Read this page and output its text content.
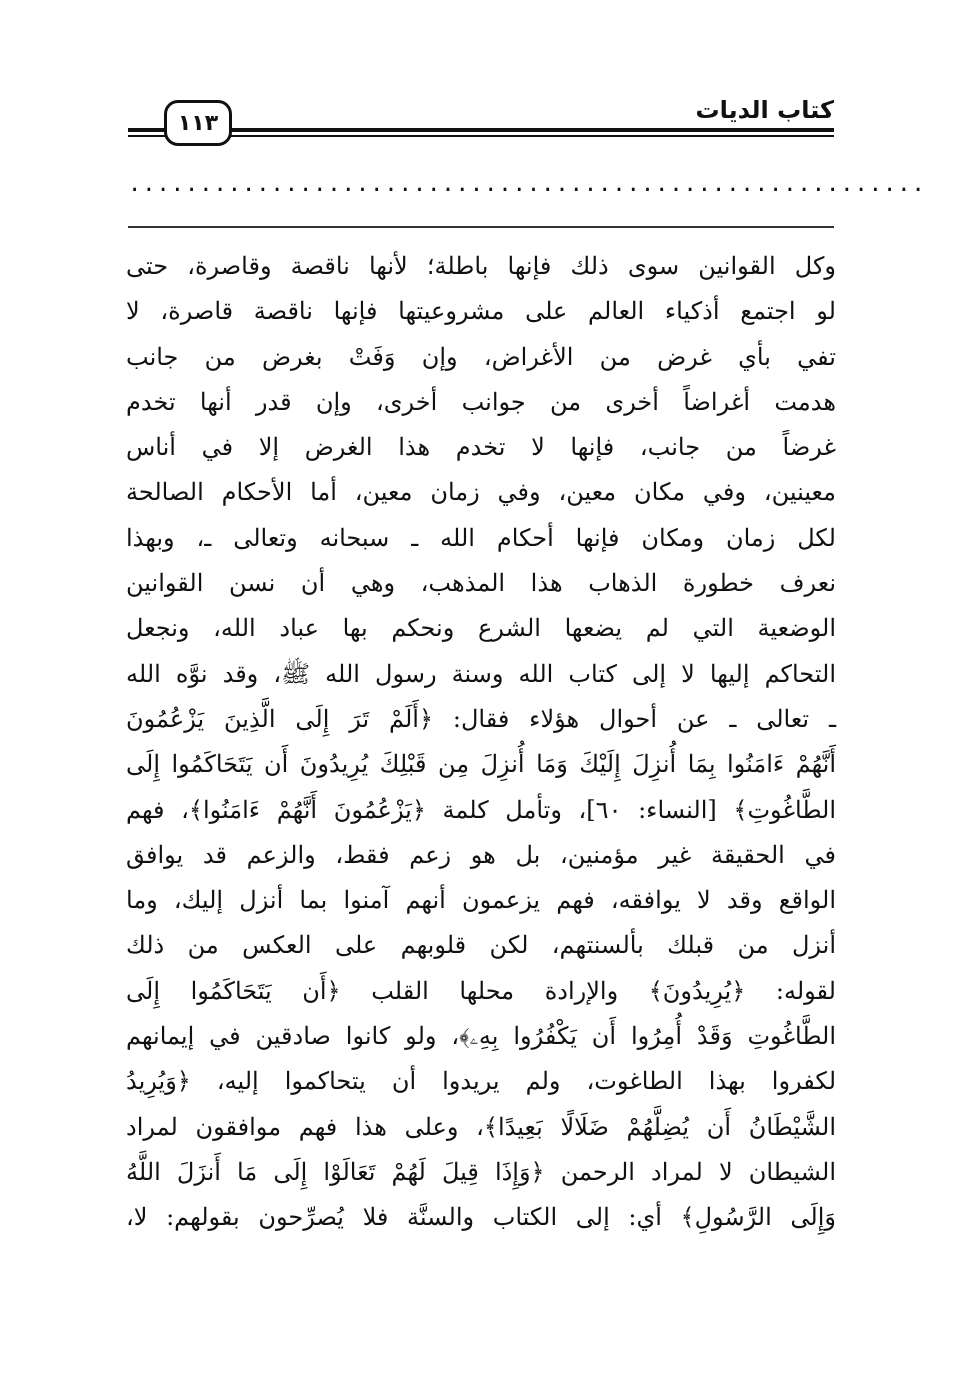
١١٣	كتاب الديات
........................................................
وكل القوانين سوى ذلك فإنها باطلة؛ لأنها ناقصة وقاصرة، حتى
لو اجتمع أذكياء العالم على مشروعيتها فإنها ناقصة قاصرة، لا
تفي بأي غرض من الأغراض، وإن وَفَتْ بغرض من جانب
هدمت أغراضاً أخرى من جوانب أخرى، وإن قدر أنها تخدم
غرضاً من جانب، فإنها لا تخدم هذا الغرض إلا في أناس
معينين، وفي مكان معين، وفي زمان معين، أما الأحكام الصالحة
لكل زمان ومكان فإنها أحكام الله ـ سبحانه وتعالى ـ، وبهذا
نعرف خطورة الذهاب هذا المذهب، وهي أن نسن القوانين
الوضعية التي لم يضعها الشرع ونحكم بها عباد الله، ونجعل
التحاكم إليها لا إلى كتاب الله وسنة رسول الله ﷺ، وقد نوَّه الله
ـ تعالى ـ عن أحوال هؤلاء فقال: ﴿أَلَمْ تَرَ إِلَى الَّذِينَ يَزْعُمُونَ
أَنَّهُمْ ءَامَنُوا بِمَا أُنزِلَ إِلَيْكَ وَمَا أُنزِلَ مِن قَبْلِكَ يُرِيدُونَ أَن يَتَحَاكَمُوا إِلَى
الطَّاغُوتِ﴾ [النساء: ٦٠]، وتأمل كلمة ﴿يَزْعُمُونَ أَنَّهُمْ ءَامَنُوا﴾، فهم
في الحقيقة غير مؤمنين، بل هو زعم فقط، والزعم قد يوافق
الواقع وقد لا يوافقه، فهم يزعمون أنهم آمنوا بما أنزل إليك، وما
أنزل من قبلك بألسنتهم، لكن قلوبهم على العكس من ذلك
لقوله: ﴿يُرِيدُونَ﴾ والإرادة محلها القلب ﴿أَن يَتَحَاكَمُوا إِلَى
الطَّاغُوتِ وَقَدْ أُمِرُوا أَن يَكْفُرُوا بِهِۦ﴾، ولو كانوا صادقين في إيمانهم
لكفروا بهذا الطاغوت، ولم يريدوا أن يتحاكموا إليه، ﴿وَيُرِيدُ
الشَّيْطَانُ أَن يُضِلَّهُمْ ضَلَالًا بَعِيدًا﴾، وعلى هذا فهم موافقون لمراد
الشيطان لا لمراد الرحمن ﴿وَإِذَا قِيلَ لَهُمْ تَعَالَوْا إِلَى مَا أَنزَلَ اللَّهُ
وَإِلَى الرَّسُولِ﴾ أي: إلى الكتاب والسنَّة فلا يُصرِّحون بقولهم: لا،
